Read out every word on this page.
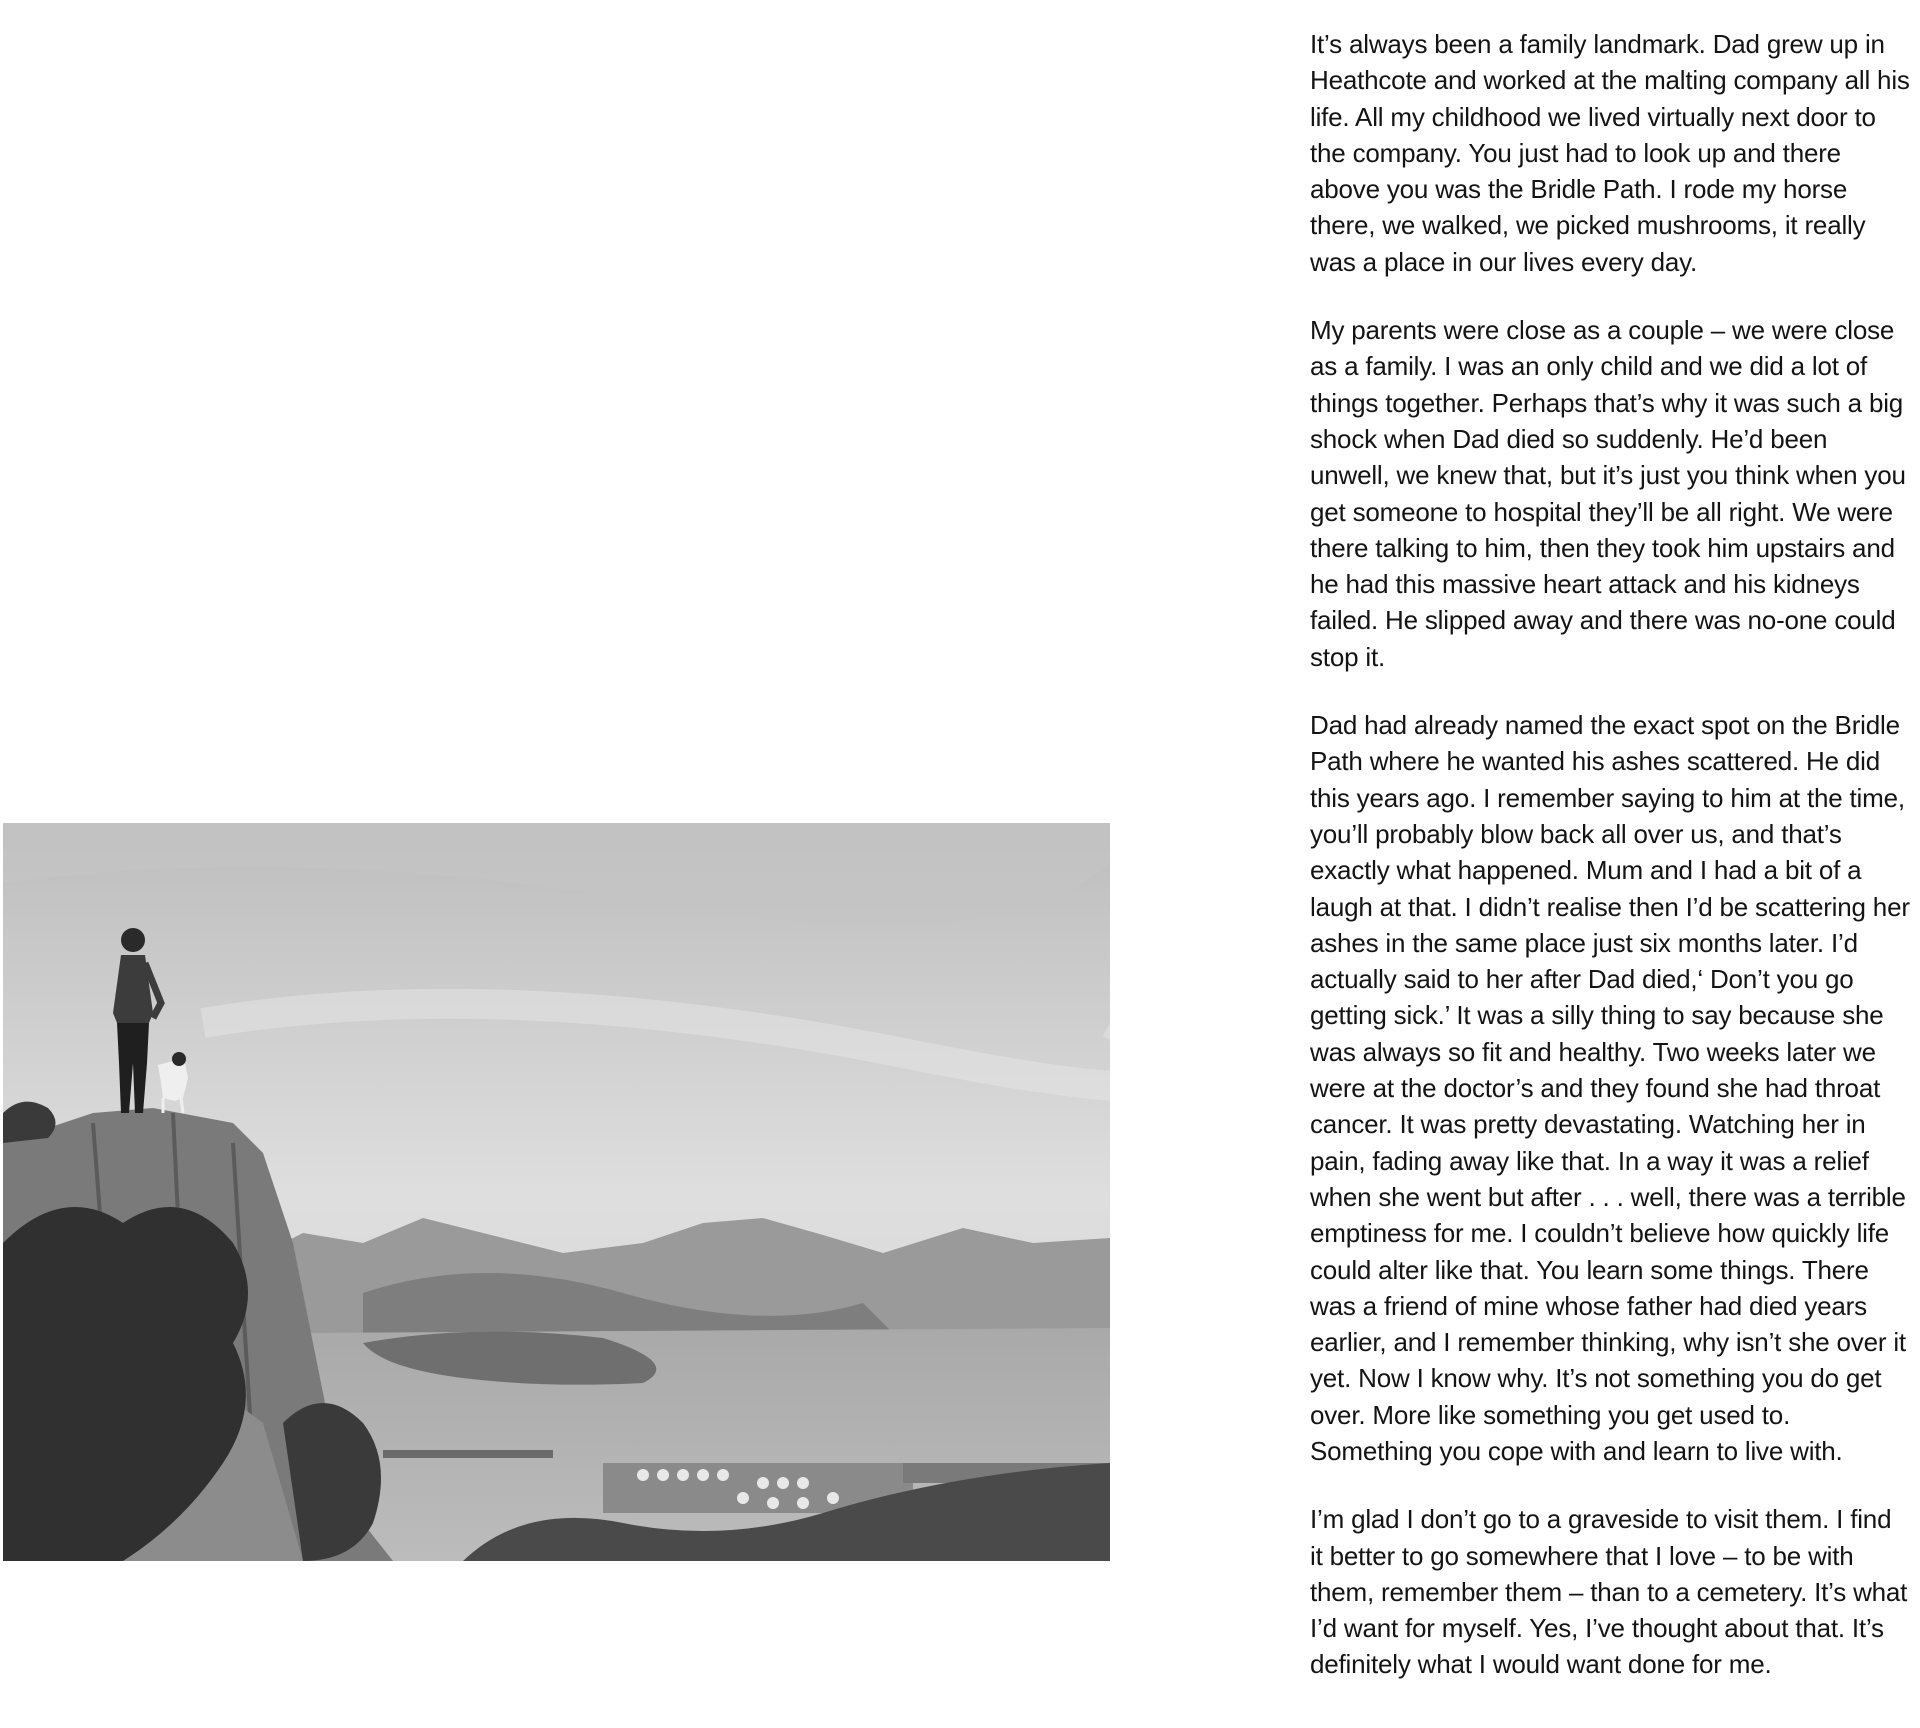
It’s always been a family landmark. Dad grew up in Heathcote and worked at the malting company all his life. All my childhood we lived virtually next door to the company. You just had to look up and there above you was the Bridle Path. I rode my horse there, we walked, we picked mushrooms, it really was a place in our lives every day.

My parents were close as a couple – we were close as a family. I was an only child and we did a lot of things together. Perhaps that’s why it was such a big shock when Dad died so suddenly. He’d been unwell, we knew that, but it’s just you think when you get someone to hospital they’ll be all right. We were there talking to him, then they took him upstairs and he had this massive heart attack and his kidneys failed. He slipped away and there was no-one could stop it.

Dad had already named the exact spot on the Bridle Path where he wanted his ashes scattered. He did this years ago. I remember saying to him at the time, you’ll probably blow back all over us, and that’s exactly what happened. Mum and I had a bit of a laugh at that. I didn’t realise then I’d be scattering her ashes in the same place just six months later. I’d actually said to her after Dad died,‘ Don’t you go getting sick.’ It was a silly thing to say because she was always so fit and healthy. Two weeks later we were at the doctor’s and they found she had throat cancer. It was pretty devastating. Watching her in pain, fading away like that. In a way it was a relief when she went but after . . . well, there was a terrible emptiness for me. I couldn’t believe how quickly life could alter like that. You learn some things. There was a friend of mine whose father had died years earlier, and I remember thinking, why isn’t she over it yet. Now I know why. It’s not something you do get over. More like something you get used to. Something you cope with and learn to live with.

I’m glad I don’t go to a graveside to visit them. I find it better to go somewhere that I love – to be with them, remember them – than to a cemetery. It’s what I’d want for myself. Yes, I’ve thought about that. It’s definitely what I would want done for me.
